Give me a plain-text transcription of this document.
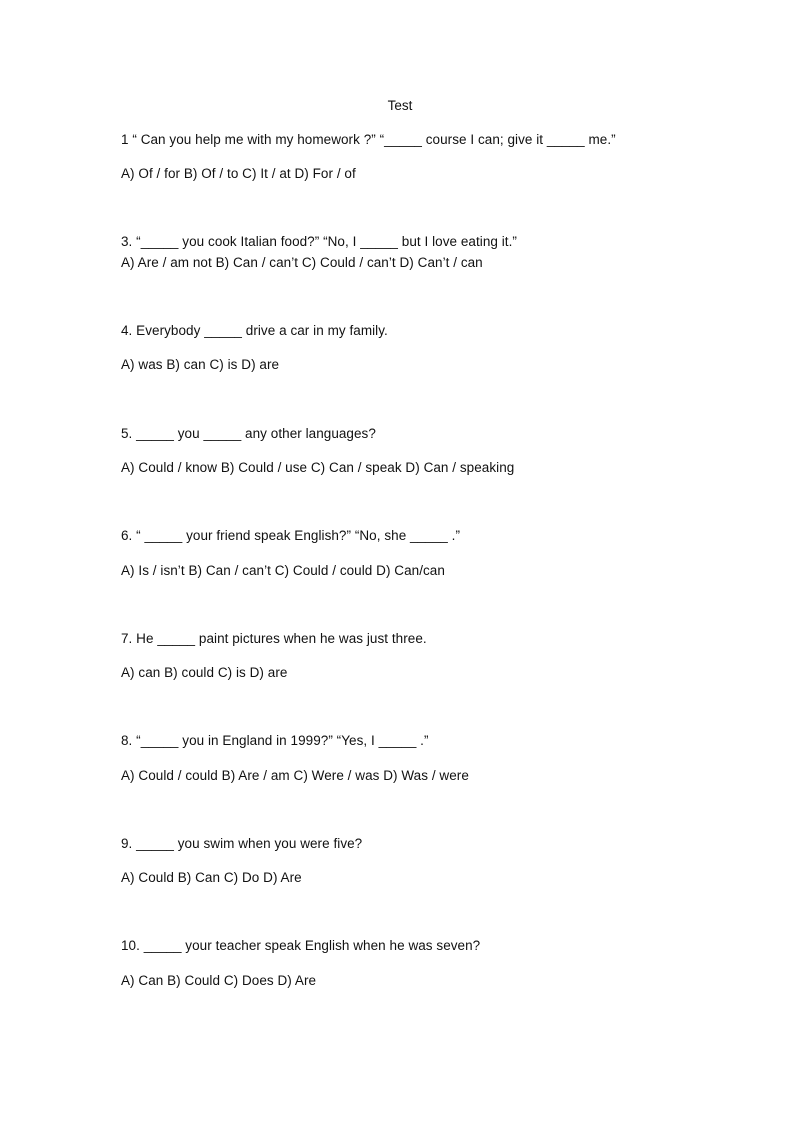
Test
1 “ Can you help me with my homework ?” “_____ course I can; give it _____ me.”
A) Of / for B) Of / to C) It / at D) For / of
3. “_____ you cook Italian food?” “No, I _____ but I love eating it.”
A) Are / am not B) Can / can’t C) Could / can’t D) Can’t / can
4. Everybody _____ drive a car in my family.
A) was B) can C) is D) are
5. _____ you _____ any other languages?
A) Could / know B) Could / use C) Can / speak D) Can / speaking
6. “ _____ your friend speak English?” “No, she _____ .”
A) Is / isn’t B) Can / can’t C) Could / could D) Can/can
7. He _____ paint pictures when he was just three.
A) can B) could C) is D) are
8. “_____ you in England in 1999?” “Yes, I _____ .”
A) Could / could B) Are / am C) Were / was D) Was / were
9. _____ you swim when you were five?
A) Could B) Can C) Do D) Are
10. _____ your teacher speak English when he was seven?
A) Can B) Could C) Does D) Are
